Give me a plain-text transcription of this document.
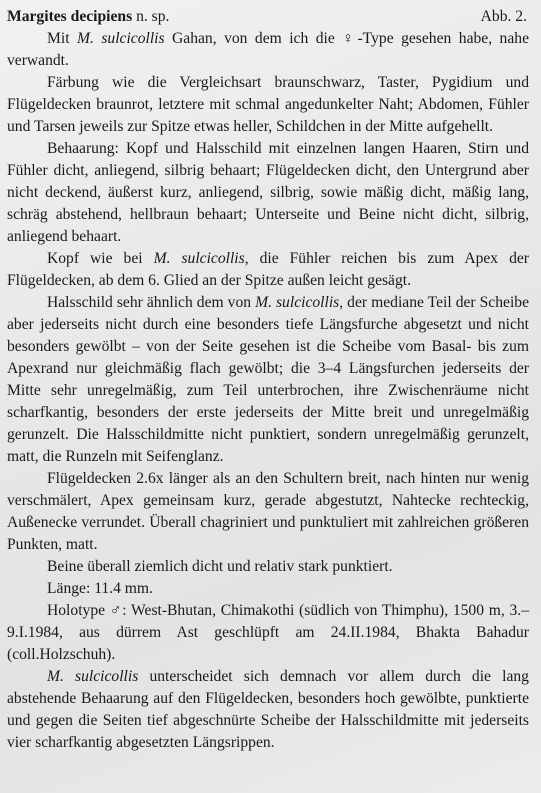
Margites decipiens n. sp.	Abb. 2.

Mit M. sulcicollis Gahan, von dem ich die ♀-Type gesehen habe, nahe verwandt.

Färbung wie die Vergleichsart braunschwarz, Taster, Pygidium und Flügeldecken braunrot, letztere mit schmal angedunkelter Naht; Abdomen, Fühler und Tarsen jeweils zur Spitze etwas heller, Schildchen in der Mitte aufgehellt.

Behaarung: Kopf und Halsschild mit einzelnen langen Haaren, Stirn und Fühler dicht, anliegend, silbrig behaart; Flügeldecken dicht, den Untergrund aber nicht deckend, äußerst kurz, anliegend, silbrig, sowie mäßig dicht, mäßig lang, schräg abstehend, hellbraun behaart; Unterseite und Beine nicht dicht, silbrig, anliegend behaart.

Kopf wie bei M. sulcicollis, die Fühler reichen bis zum Apex der Flügeldecken, ab dem 6. Glied an der Spitze außen leicht gesägt.

Halsschild sehr ähnlich dem von M. sulcicollis, der mediane Teil der Scheibe aber jederseits nicht durch eine besonders tiefe Längsfurche abgesetzt und nicht besonders gewölbt – von der Seite gesehen ist die Scheibe vom Basal- bis zum Apexrand nur gleichmäßig flach gewölbt; die 3–4 Längsfurchen jederseits der Mitte sehr unregelmäßig, zum Teil unterbrochen, ihre Zwischenräume nicht scharfkantig, besonders der erste jederseits der Mitte breit und unregelmäßig gerunzelt. Die Halsschildmitte nicht punktiert, sondern unregelmäßig gerunzelt, matt, die Runzeln mit Seifenglanz.

Flügeldecken 2.6x länger als an den Schultern breit, nach hinten nur wenig verschmälert, Apex gemeinsam kurz, gerade abgestutzt, Nahtecke rechteckig, Außenecke verrundet. Überall chagriniert und punktuliert mit zahlreichen größeren Punkten, matt.

Beine überall ziemlich dicht und relativ stark punktiert.

Länge: 11.4 mm.

Holotype ♂: West-Bhutan, Chimakothi (südlich von Thimphu), 1500 m, 3.–9.I.1984, aus dürrem Ast geschlüpft am 24.II.1984, Bhakta Bahadur (coll.Holzschuh).

M. sulcicollis unterscheidet sich demnach vor allem durch die lang abstehende Behaarung auf den Flügeldecken, besonders hoch gewölbte, punktierte und gegen die Seiten tief abgeschnürte Scheibe der Halsschildmitte mit jederseits vier scharfkantig abgesetzten Längsrippen.
